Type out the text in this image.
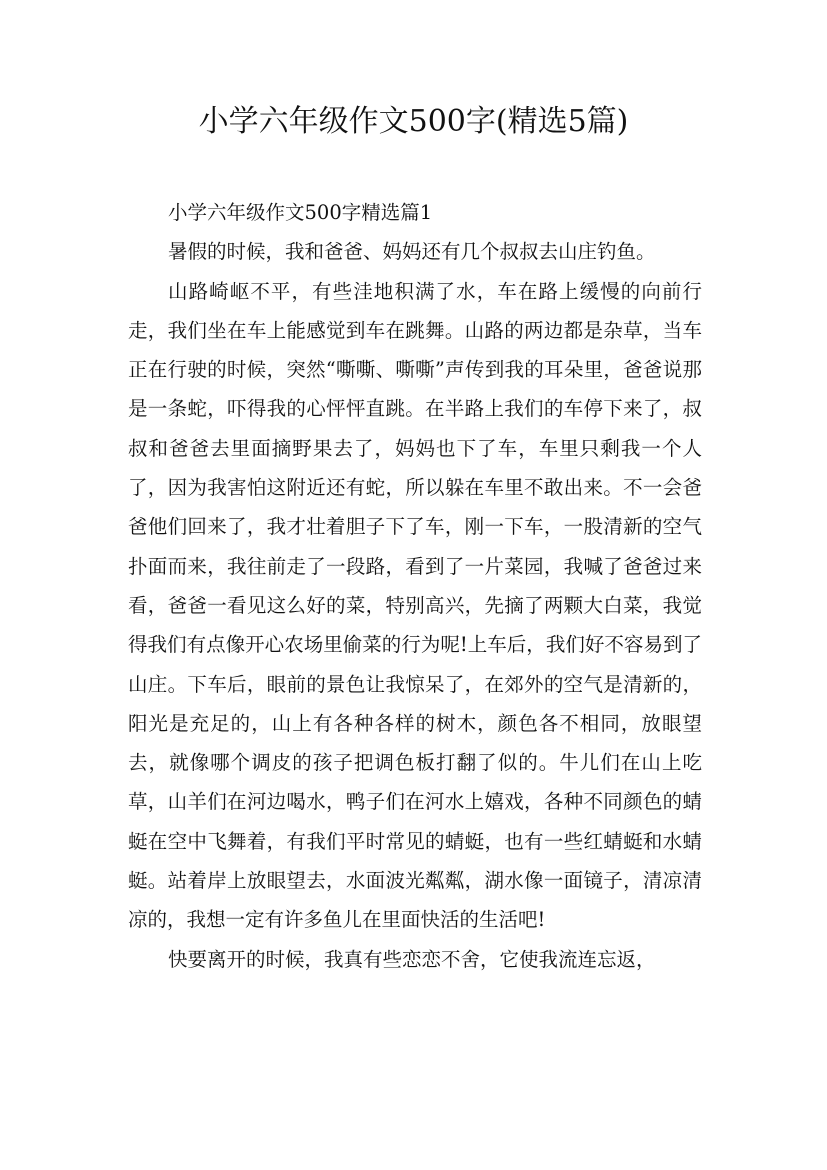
小学六年级作文500字(精选5篇)

小学六年级作文500字精选篇1

暑假的时候，我和爸爸、妈妈还有几个叔叔去山庄钓鱼。

山路崎岖不平，有些洼地积满了水，车在路上缓慢的向前行走，我们坐在车上能感觉到车在跳舞。山路的两边都是杂草，当车正在行驶的时候，突然“嘶嘶、嘶嘶”声传到我的耳朵里，爸爸说那是一条蛇，吓得我的心怦怦直跳。在半路上我们的车停下来了，叔叔和爸爸去里面摘野果去了，妈妈也下了车，车里只剩我一个人了，因为我害怕这附近还有蛇，所以躲在车里不敢出来。不一会爸爸他们回来了，我才壮着胆子下了车，刚一下车，一股清新的空气扑面而来，我往前走了一段路，看到了一片菜园，我喊了爸爸过来看，爸爸一看见这么好的菜，特别高兴，先摘了两颗大白菜，我觉得我们有点像开心农场里偷菜的行为呢!上车后，我们好不容易到了山庄。下车后，眼前的景色让我惊呆了，在郊外的空气是清新的，阳光是充足的，山上有各种各样的树木，颜色各不相同，放眼望去，就像哪个调皮的孩子把调色板打翻了似的。牛儿们在山上吃草，山羊们在河边喝水，鸭子们在河水上嬉戏，各种不同颜色的蜻蜓在空中飞舞着，有我们平时常见的蜻蜓，也有一些红蜻蜓和水蜻蜓。站着岸上放眼望去，水面波光粼粼，湖水像一面镜子，清凉清凉的，我想一定有许多鱼儿在里面快活的生活吧!

快要离开的时候，我真有些恋恋不舍，它使我流连忘返，
